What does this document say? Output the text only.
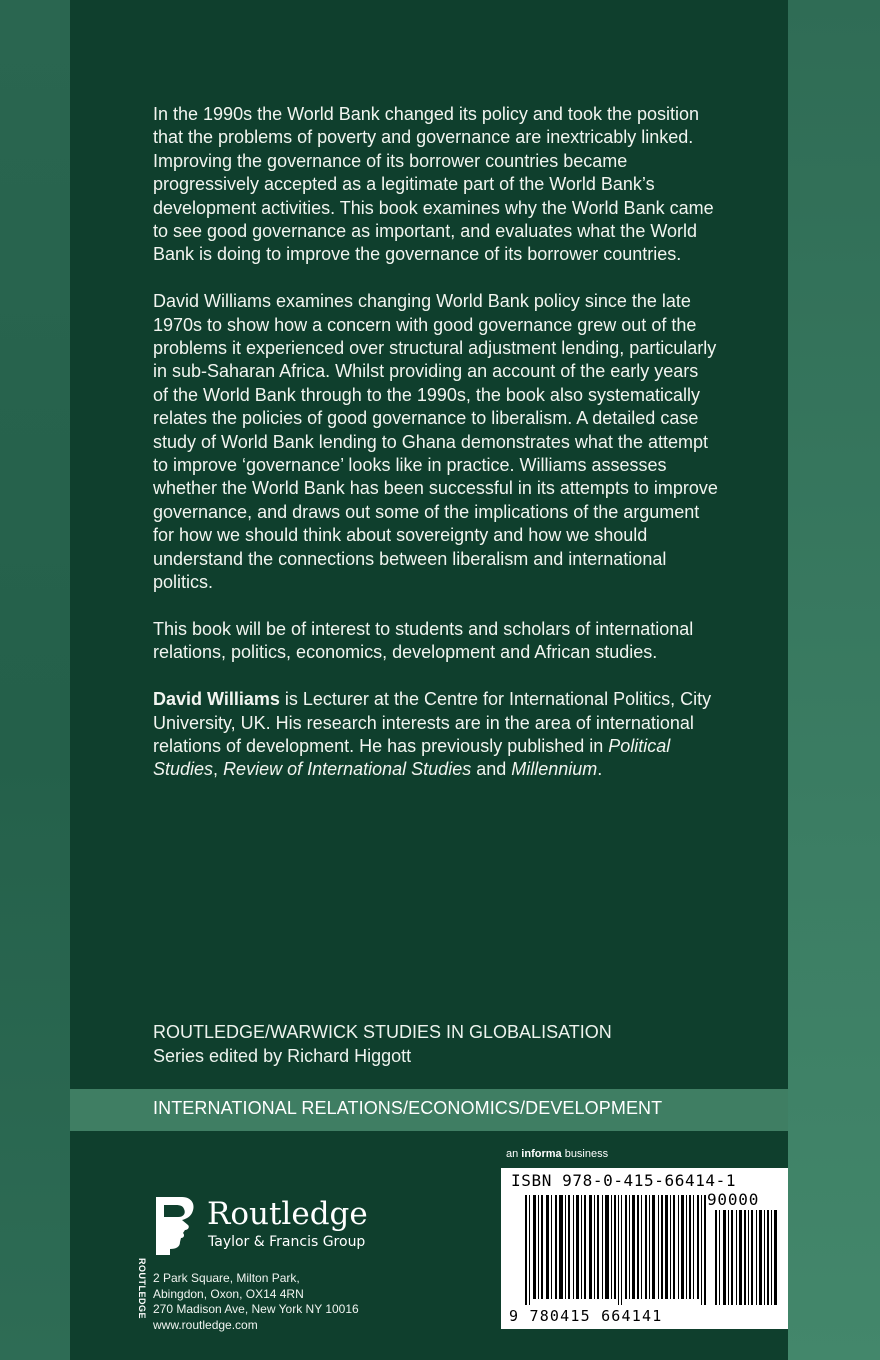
In the 1990s the World Bank changed its policy and took the position that the problems of poverty and governance are inextricably linked. Improving the governance of its borrower countries became progressively accepted as a legitimate part of the World Bank’s development activities. This book examines why the World Bank came to see good governance as important, and evaluates what the World Bank is doing to improve the governance of its borrower countries.

David Williams examines changing World Bank policy since the late 1970s to show how a concern with good governance grew out of the problems it experienced over structural adjustment lending, particularly in sub-Saharan Africa. Whilst providing an account of the early years of the World Bank through to the 1990s, the book also systematically relates the policies of good governance to liberalism. A detailed case study of World Bank lending to Ghana demonstrates what the attempt to improve ‘governance’ looks like in practice. Williams assesses whether the World Bank has been successful in its attempts to improve governance, and draws out some of the implications of the argument for how we should think about sovereignty and how we should understand the connections between liberalism and international politics.

This book will be of interest to students and scholars of international relations, politics, economics, development and African studies.

David Williams is Lecturer at the Centre for International Politics, City University, UK. His research interests are in the area of international relations of development. He has previously published in Political Studies, Review of International Studies and Millennium.

ROUTLEDGE/WARWICK STUDIES IN GLOBALISATION
Series edited by Richard Higgott
INTERNATIONAL RELATIONS/ECONOMICS/DEVELOPMENT
an informa business
ISBN 978-0-415-66414-1
90000
9 780415 664141
ROUTLEDGE
Routledge
Taylor & Francis Group
2 Park Square, Milton Park,
Abingdon, Oxon, OX14 4RN
270 Madison Ave, New York NY 10016
www.routledge.com
